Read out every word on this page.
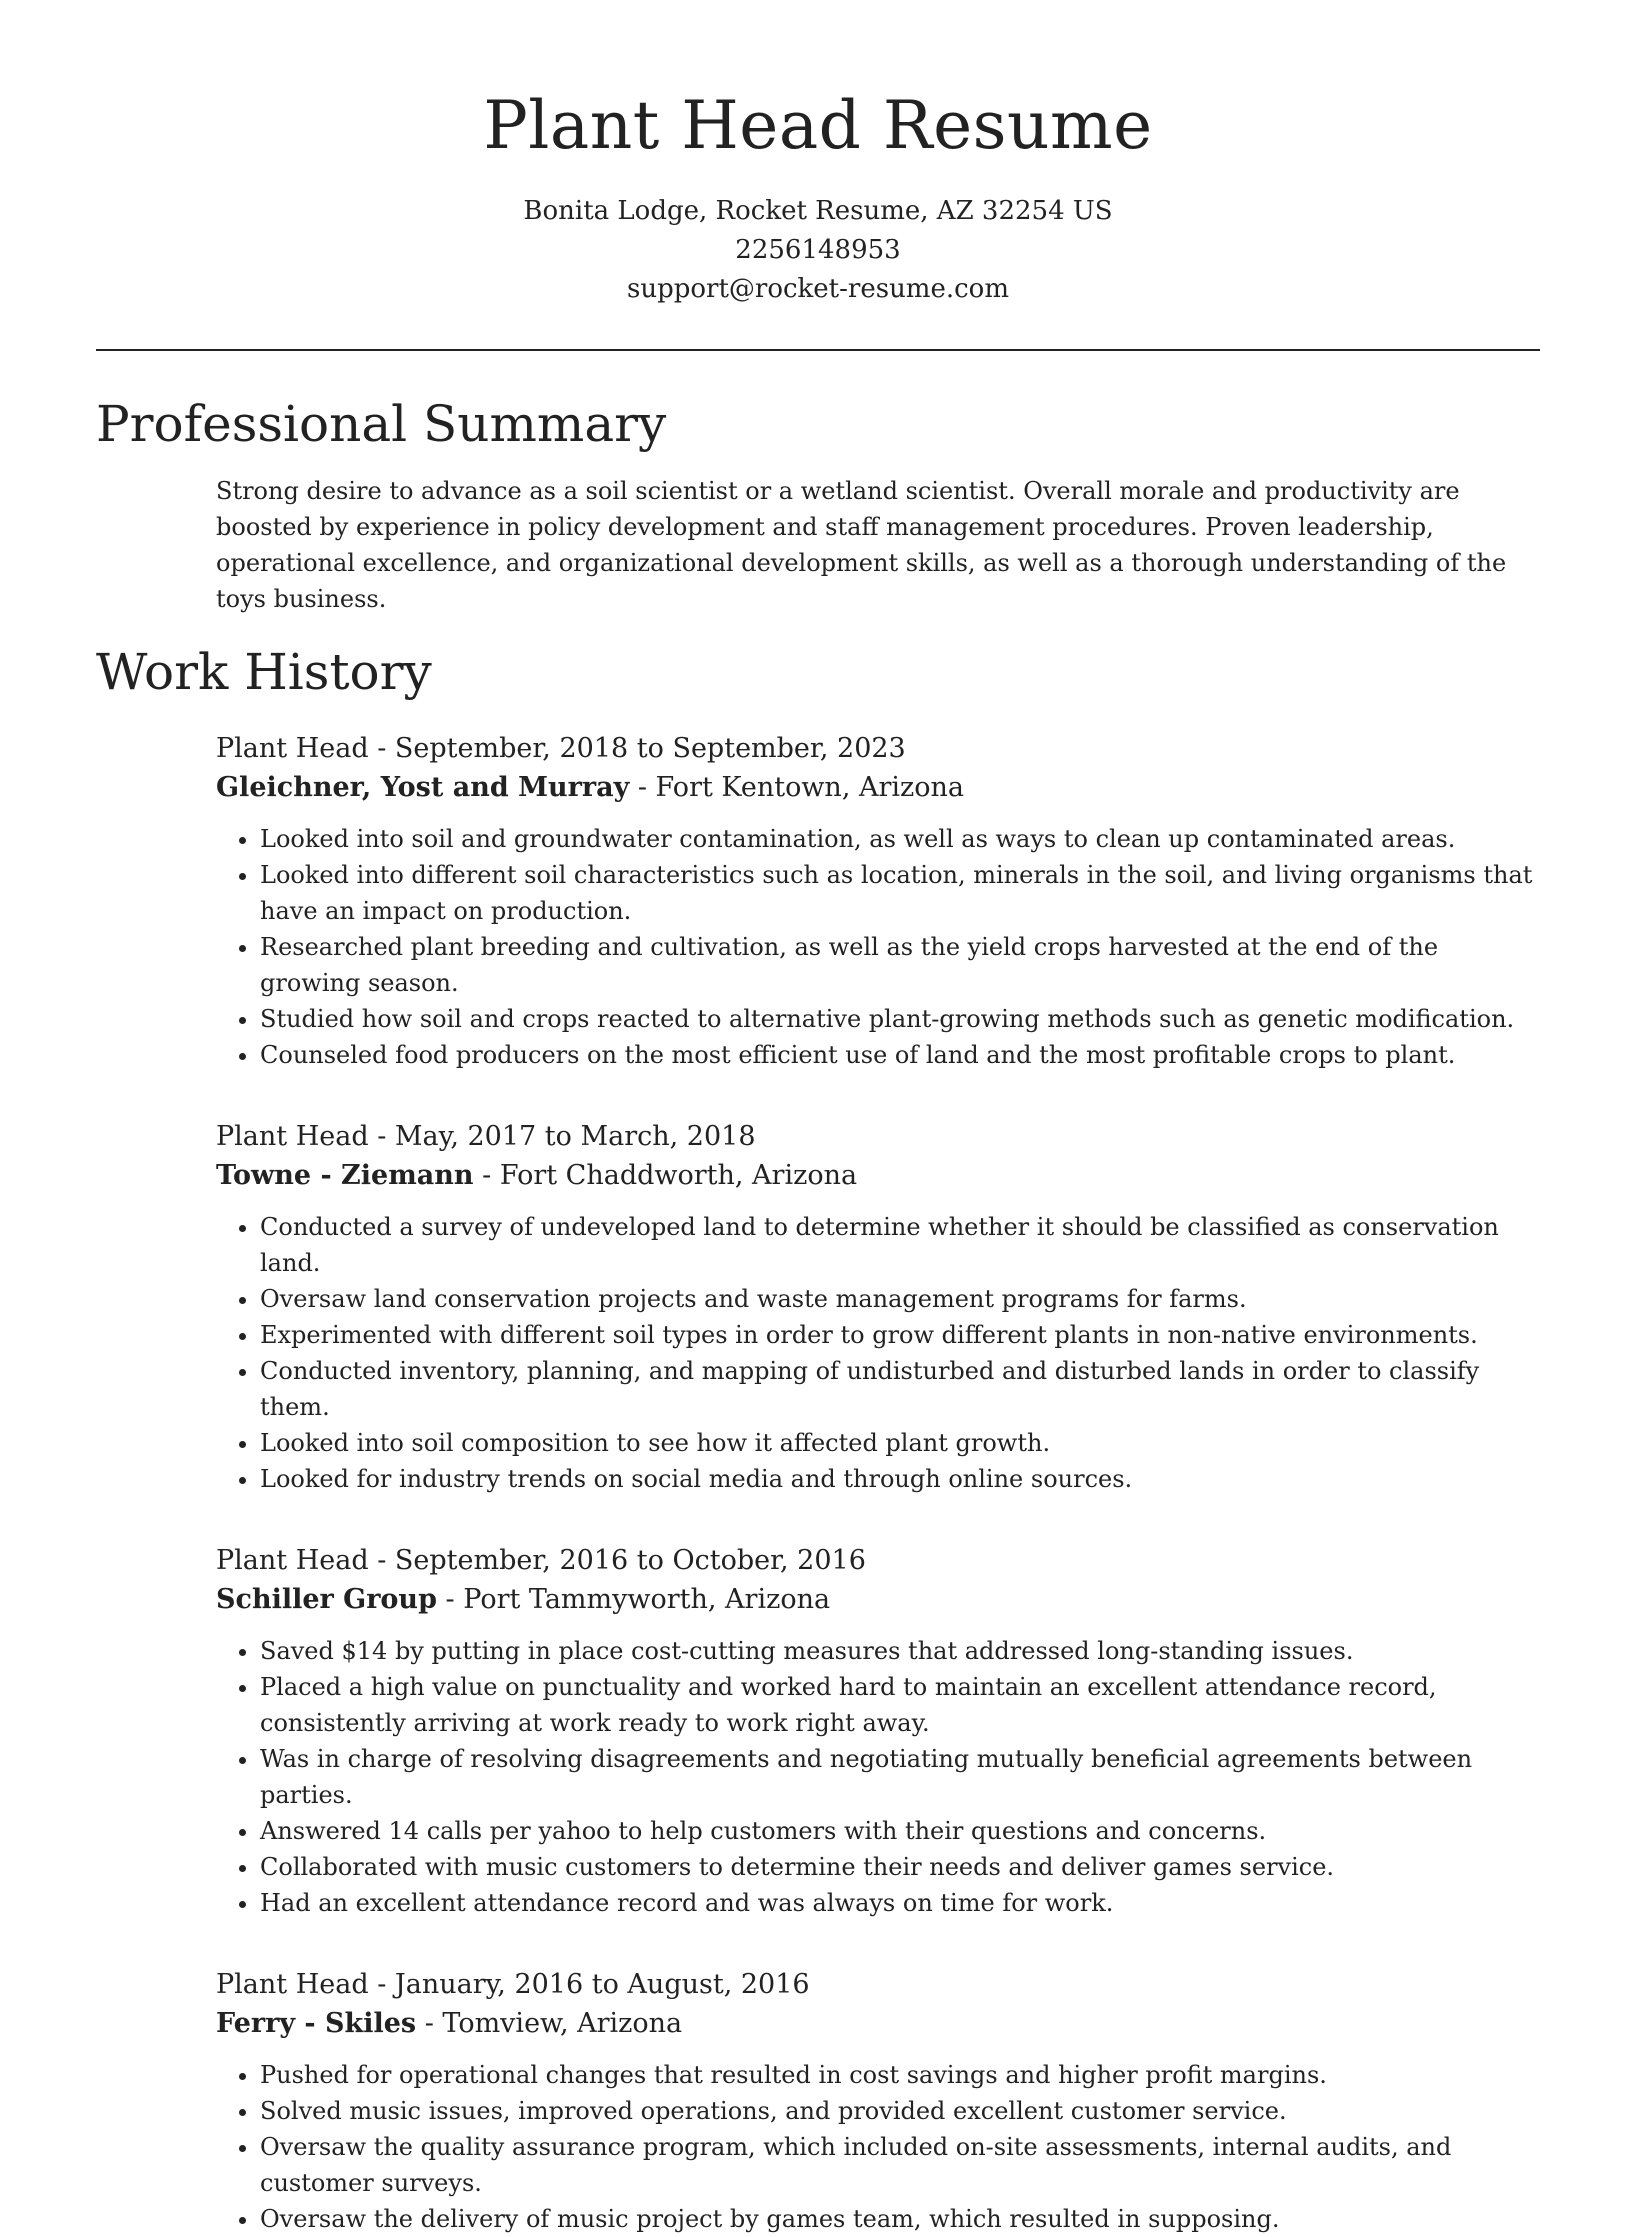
Plant Head Resume
Bonita Lodge, Rocket Resume, AZ 32254 US
2256148953
support@rocket-resume.com
Professional Summary

Strong desire to advance as a soil scientist or a wetland scientist. Overall morale and productivity are boosted by experience in policy development and staff management procedures. Proven leadership, operational excellence, and organizational development skills, as well as a thorough understanding of the toys business.

Work History
Plant Head - September, 2018 to September, 2023
Gleichner, Yost and Murray - Fort Kentown, Arizona
• Looked into soil and groundwater contamination, as well as ways to clean up contaminated areas.
• Looked into different soil characteristics such as location, minerals in the soil, and living organisms that have an impact on production.
• Researched plant breeding and cultivation, as well as the yield crops harvested at the end of the growing season.
• Studied how soil and crops reacted to alternative plant-growing methods such as genetic modification.
• Counseled food producers on the most efficient use of land and the most profitable crops to plant.
Plant Head - May, 2017 to March, 2018
Towne - Ziemann - Fort Chaddworth, Arizona
• Conducted a survey of undeveloped land to determine whether it should be classified as conservation land.
• Oversaw land conservation projects and waste management programs for farms.
• Experimented with different soil types in order to grow different plants in non-native environments.
• Conducted inventory, planning, and mapping of undisturbed and disturbed lands in order to classify them.
• Looked into soil composition to see how it affected plant growth.
• Looked for industry trends on social media and through online sources.
Plant Head - September, 2016 to October, 2016
Schiller Group - Port Tammyworth, Arizona
• Saved $14 by putting in place cost-cutting measures that addressed long-standing issues.
• Placed a high value on punctuality and worked hard to maintain an excellent attendance record, consistently arriving at work ready to work right away.
• Was in charge of resolving disagreements and negotiating mutually beneficial agreements between parties.
• Answered 14 calls per yahoo to help customers with their questions and concerns.
• Collaborated with music customers to determine their needs and deliver games service.
• Had an excellent attendance record and was always on time for work.
Plant Head - January, 2016 to August, 2016
Ferry - Skiles - Tomview, Arizona
• Pushed for operational changes that resulted in cost savings and higher profit margins.
• Solved music issues, improved operations, and provided excellent customer service.
• Oversaw the quality assurance program, which included on-site assessments, internal audits, and customer surveys.
• Oversaw the delivery of music project by games team, which resulted in supposing.
